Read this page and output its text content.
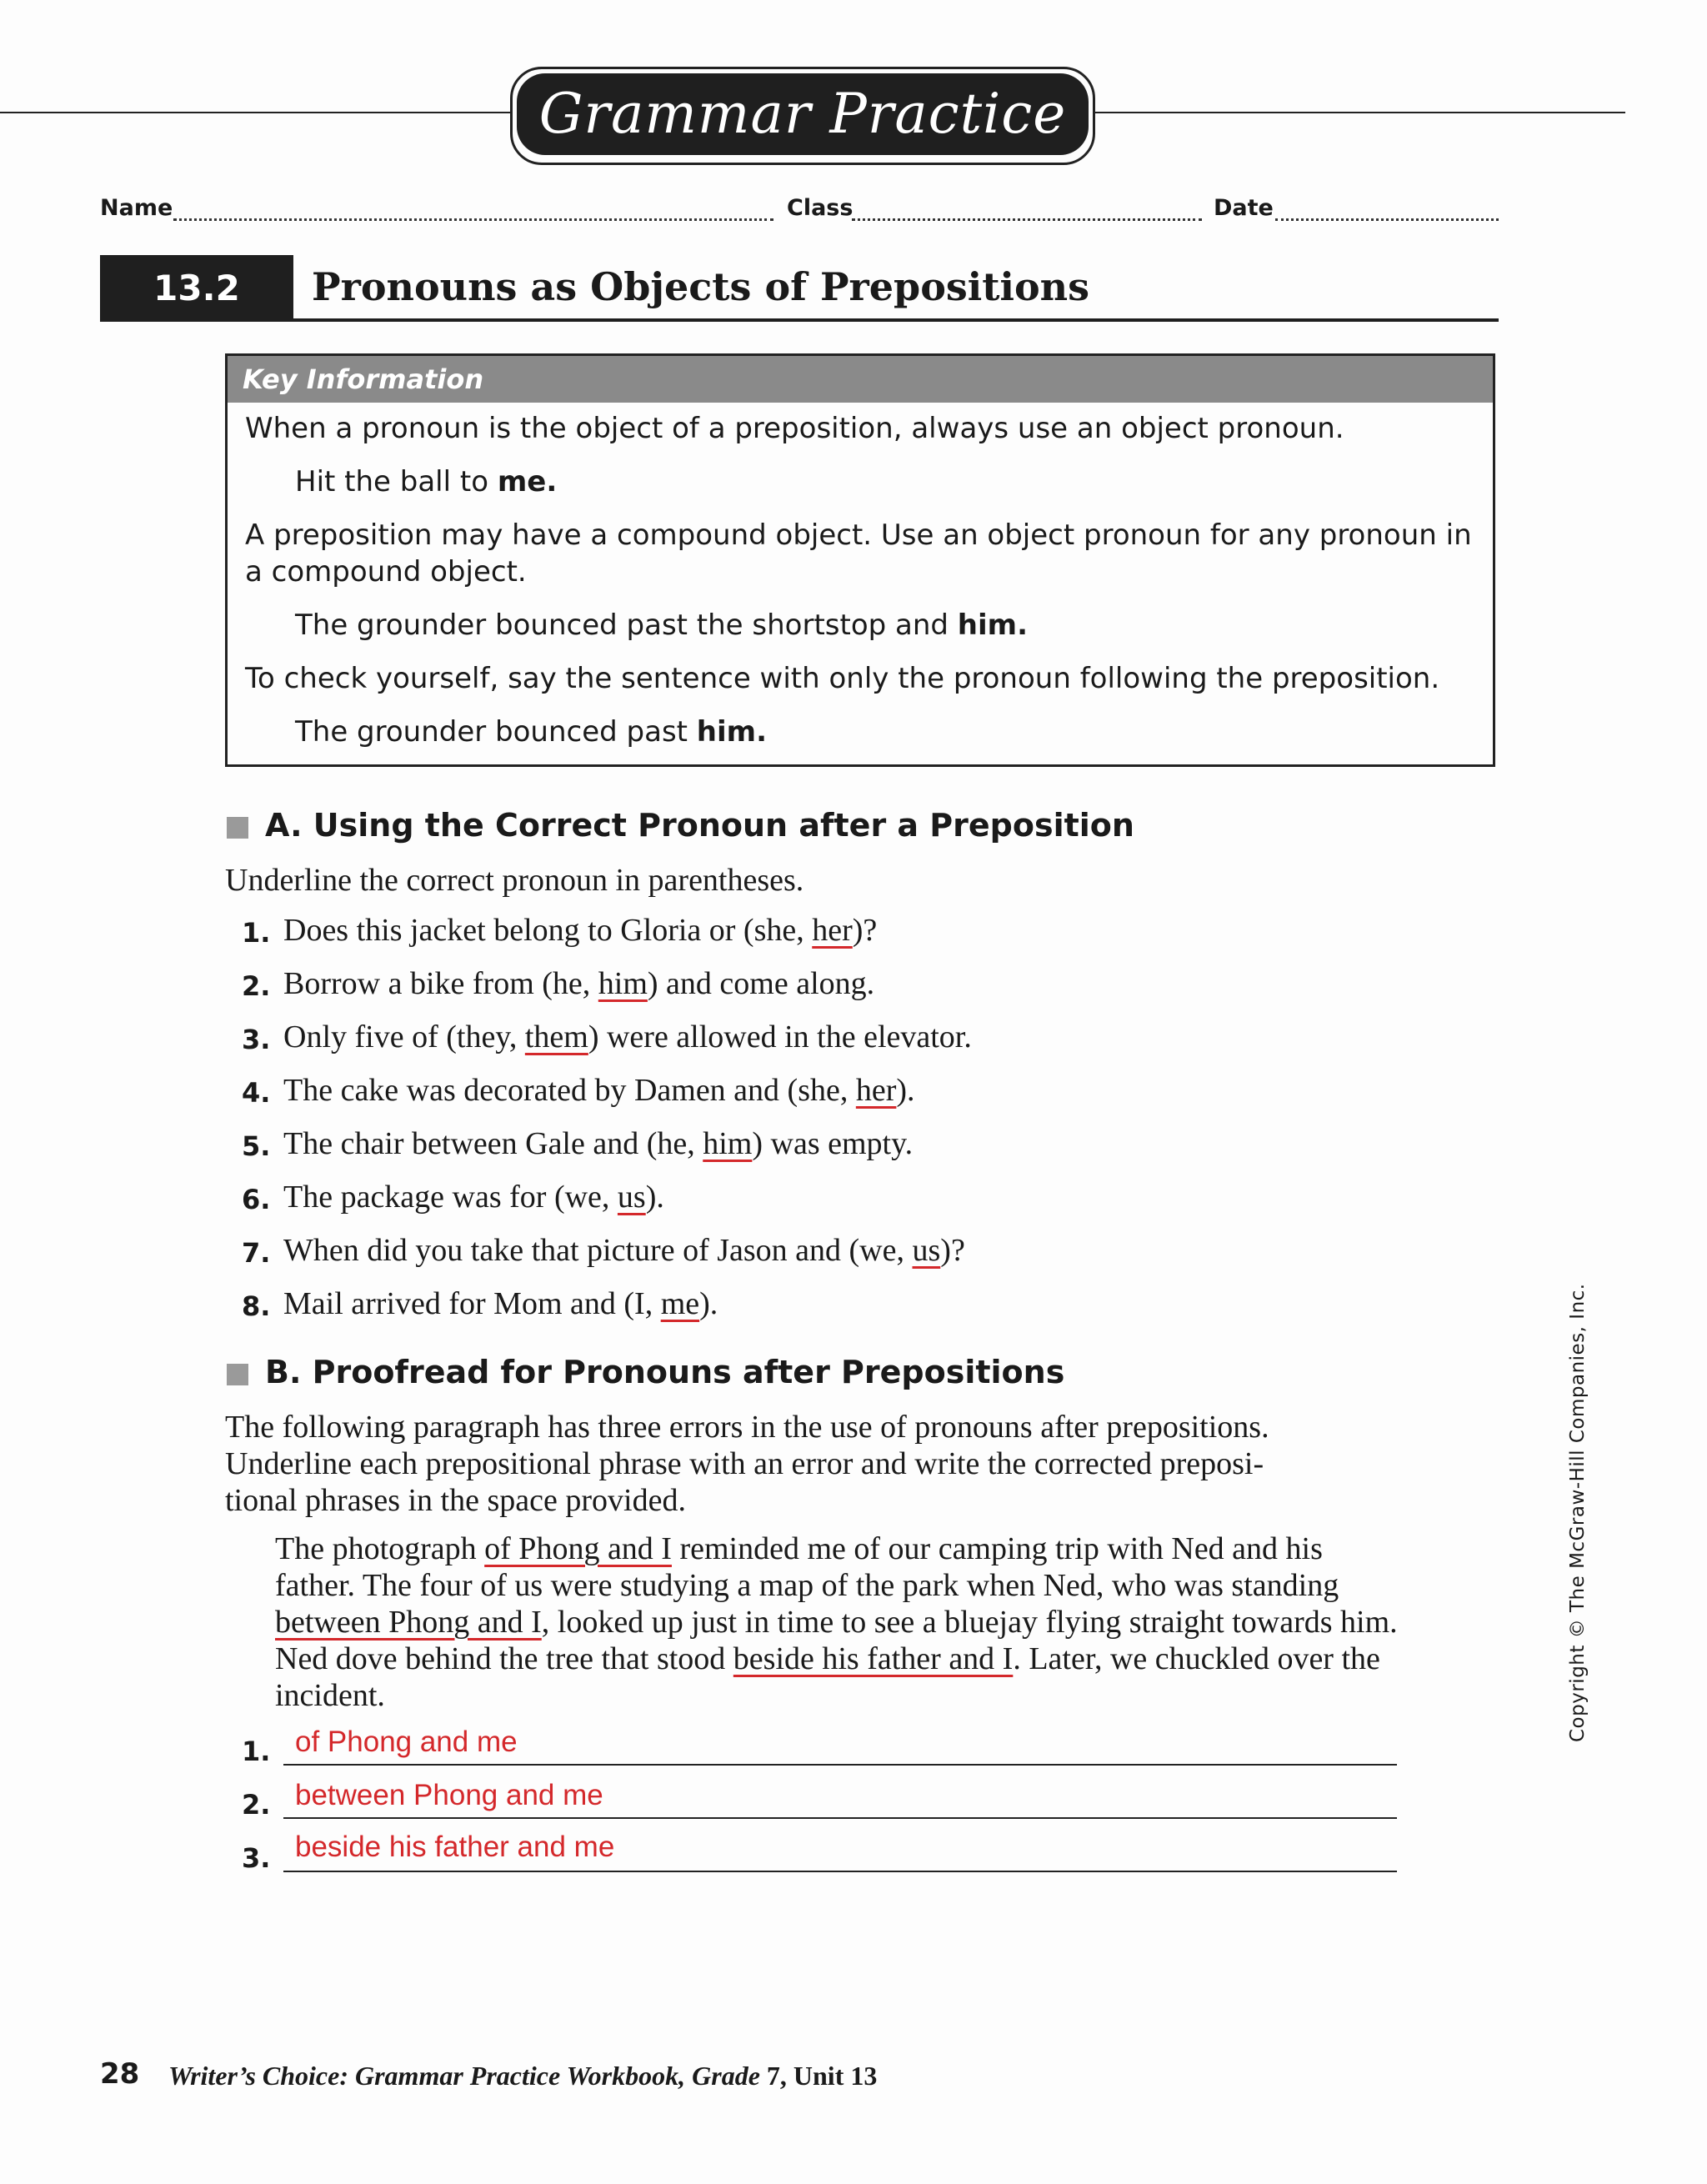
Grammar Practice
Name	Class	Date
13.2	Pronouns as Objects of Prepositions
Key Information
When a pronoun is the object of a preposition, always use an object pronoun.
Hit the ball to me.
A preposition may have a compound object. Use an object pronoun for any pronoun in
a compound object.
The grounder bounced past the shortstop and him.
To check yourself, say the sentence with only the pronoun following the preposition.
The grounder bounced past him.
A. Using the Correct Pronoun after a Preposition
Underline the correct pronoun in parentheses.
1. Does this jacket belong to Gloria or (she, her)?
2. Borrow a bike from (he, him) and come along.
3. Only five of (they, them) were allowed in the elevator.
4. The cake was decorated by Damen and (she, her).
5. The chair between Gale and (he, him) was empty.
6. The package was for (we, us).
7. When did you take that picture of Jason and (we, us)?
8. Mail arrived for Mom and (I, me).
B. Proofread for Pronouns after Prepositions
The following paragraph has three errors in the use of pronouns after prepositions.
Underline each prepositional phrase with an error and write the corrected preposi-
tional phrases in the space provided.
The photograph of Phong and I reminded me of our camping trip with Ned and his father. The four of us were studying a map of the park when Ned, who was standing between Phong and I, looked up just in time to see a bluejay flying straight towards him. Ned dove behind the tree that stood beside his father and I. Later, we chuckled over the incident.
1. of Phong and me
2. between Phong and me
3. beside his father and me
Copyright © The McGraw-Hill Companies, Inc.
28 Writer’s Choice: Grammar Practice Workbook, Grade 7, Unit 13
